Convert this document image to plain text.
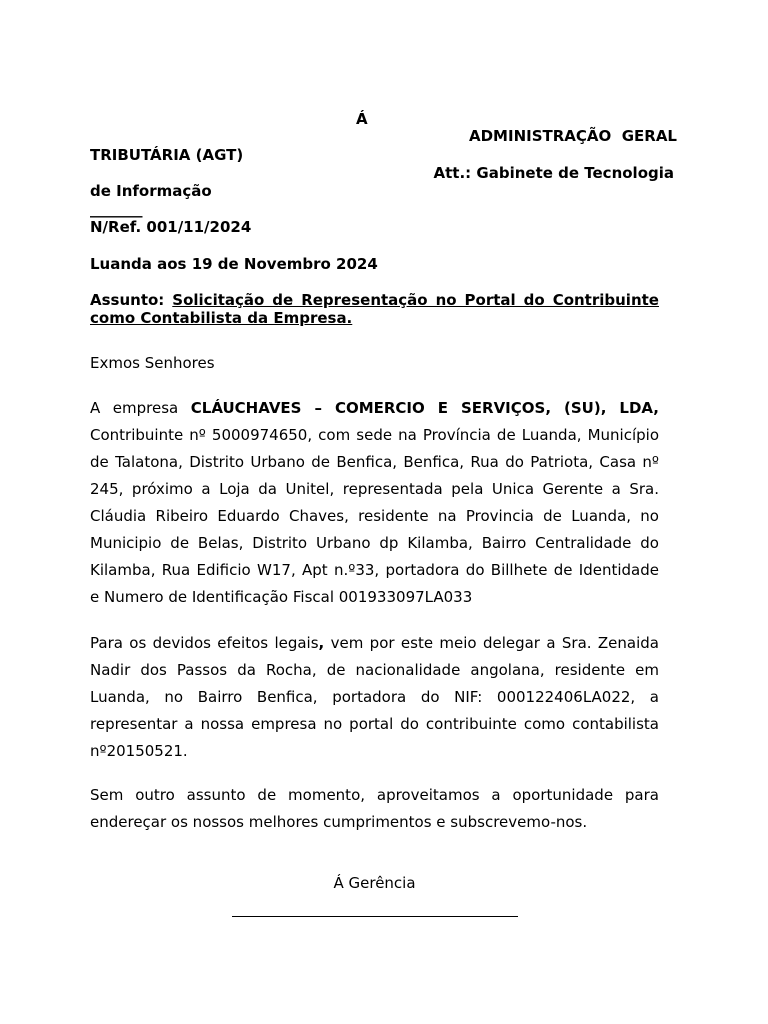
Á
ADMINISTRAÇÃO  GERAL
TRIBUTÁRIA (AGT)
Att.: Gabinete de Tecnologia
de Informação
_______
N/Ref. 001/11/2024
Luanda aos 19 de Novembro 2024
Assunto: Solicitação de Representação no Portal do Contribuinte
como Contabilista da Empresa.
Exmos Senhores
A empresa CLÁUCHAVES – COMERCIO E SERVIÇOS, (SU), LDA,
Contribuinte nº 5000974650, com sede na Província de Luanda, Município
de Talatona, Distrito Urbano de Benfica, Benfica, Rua do Patriota, Casa nº
245, próximo a Loja da Unitel, representada pela Unica Gerente a Sra.
Cláudia Ribeiro Eduardo Chaves, residente na Provincia de Luanda, no
Municipio de Belas, Distrito Urbano dp Kilamba, Bairro Centralidade do
Kilamba, Rua Edificio W17, Apt n.º33, portadora do Billhete de Identidade
e Numero de Identificação Fiscal 001933097LA033
Para os devidos efeitos legais, vem por este meio delegar a Sra. Zenaida
Nadir dos Passos da Rocha, de nacionalidade angolana, residente em
Luanda, no Bairro Benfica, portadora do NIF: 000122406LA022, a
representar a nossa empresa no portal do contribuinte como contabilista
nº20150521.
Sem outro assunto de momento, aproveitamos a oportunidade para
endereçar os nossos melhores cumprimentos e subscrevemo-nos.
Á Gerência
